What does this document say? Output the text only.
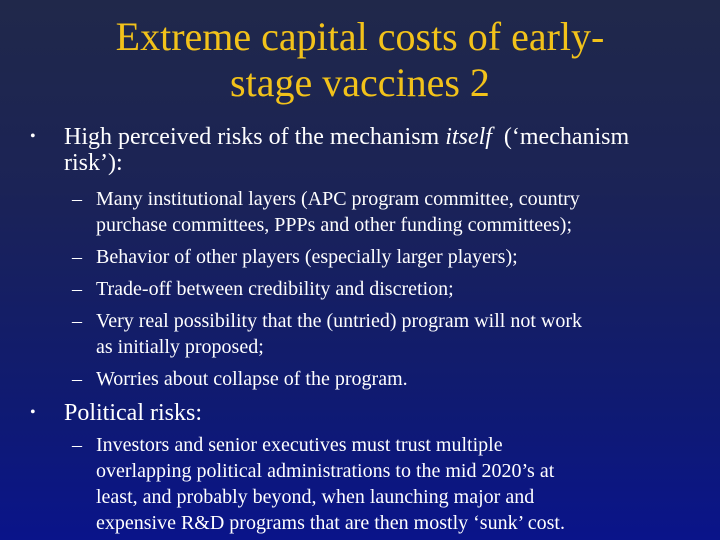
Extreme capital costs of early-
stage vaccines 2
• High perceived risks of the mechanism itself (‘mechanism
risk’):
– Many institutional layers (APC program committee, country
purchase committees, PPPs and other funding committees);
– Behavior of other players (especially larger players);
– Trade-off between credibility and discretion;
– Very real possibility that the (untried) program will not work
as initially proposed;
– Worries about collapse of the program.
• Political risks:
– Investors and senior executives must trust multiple
overlapping political administrations to the mid 2020’s at
least, and probably beyond, when launching major and
expensive R&D programs that are then mostly ‘sunk’ cost.
